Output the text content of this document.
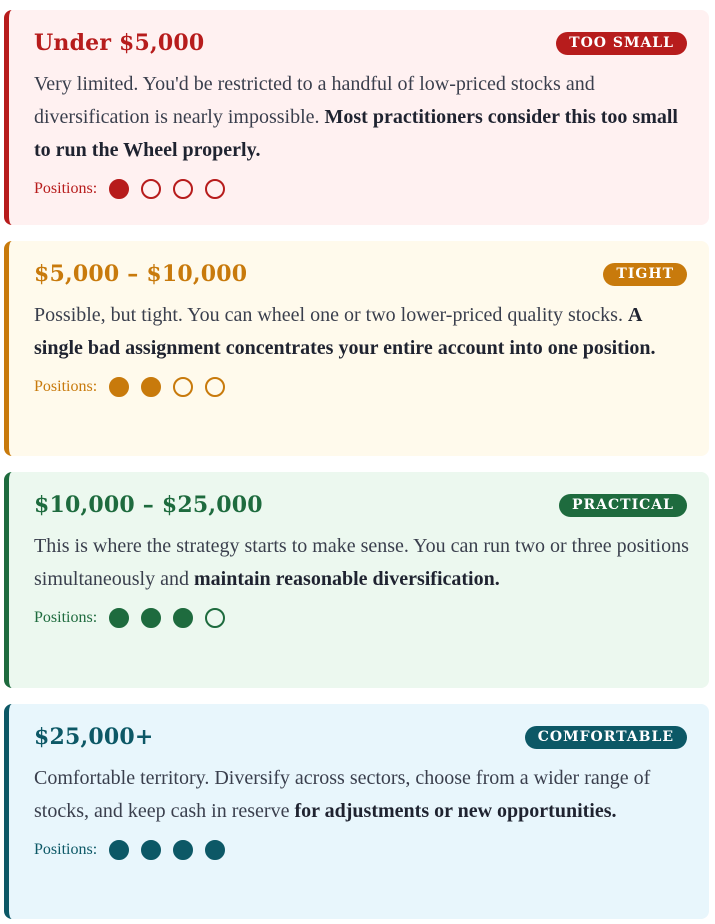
Under $5,000	TOO SMALL
Very limited. You'd be restricted to a handful of low-priced stocks and diversification is nearly impossible. Most practitioners consider this too small to run the Wheel properly.
Positions:
$5,000 – $10,000	TIGHT
Possible, but tight. You can wheel one or two lower-priced quality stocks. A single bad assignment concentrates your entire account into one position.
Positions:
$10,000 – $25,000	PRACTICAL
This is where the strategy starts to make sense. You can run two or three positions simultaneously and maintain reasonable diversification.
Positions:
$25,000+	COMFORTABLE
Comfortable territory. Diversify across sectors, choose from a wider range of stocks, and keep cash in reserve for adjustments or new opportunities.
Positions:
